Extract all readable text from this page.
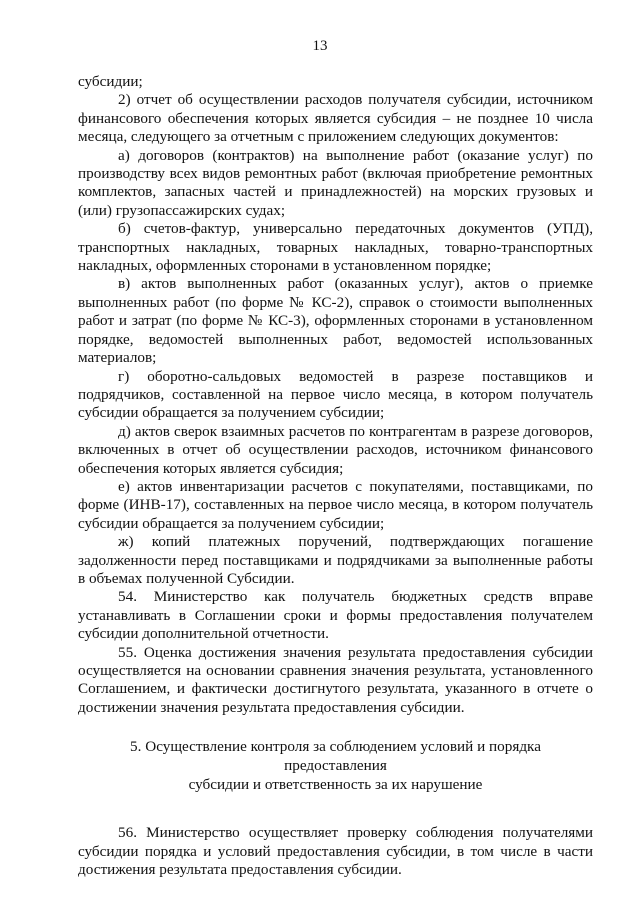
13

субсидии;

2) отчет об осуществлении расходов получателя субсидии, источником финансового обеспечения которых является субсидия – не позднее 10 числа месяца, следующего за отчетным с приложением следующих документов:

а) договоров (контрактов) на выполнение работ (оказание услуг) по производству всех видов ремонтных работ (включая приобретение ремонтных комплектов, запасных частей и принадлежностей) на морских грузовых и (или) грузопассажирских судах;

б) счетов-фактур, универсально передаточных документов (УПД), транспортных накладных, товарных накладных, товарно-транспортных накладных, оформленных сторонами в установленном порядке;

в) актов выполненных работ (оказанных услуг), актов о приемке выполненных работ (по форме № КС-2), справок о стоимости выполненных работ и затрат (по форме № КС-3), оформленных сторонами в установленном порядке, ведомостей выполненных работ, ведомостей использованных материалов;

г) оборотно-сальдовых ведомостей в разрезе поставщиков и подрядчиков, составленной на первое число месяца, в котором получатель субсидии обращается за получением субсидии;

д) актов сверок взаимных расчетов по контрагентам в разрезе договоров, включенных в отчет об осуществлении расходов, источником финансового обеспечения которых является субсидия;

е) актов инвентаризации расчетов с покупателями, поставщиками, по форме (ИНВ-17), составленных на первое число месяца, в котором получатель субсидии обращается за получением субсидии;

ж) копий платежных поручений, подтверждающих погашение задолженности перед поставщиками и подрядчиками за выполненные работы в объемах полученной Субсидии.

54. Министерство как получатель бюджетных средств вправе устанавливать в Соглашении сроки и формы предоставления получателем субсидии дополнительной отчетности.

55. Оценка достижения значения результата предоставления субсидии осуществляется на основании сравнения значения результата, установленного Соглашением, и фактически достигнутого результата, указанного в отчете о достижении значения результата предоставления субсидии.

5. Осуществление контроля за соблюдением условий и порядка предоставления
субсидии и ответственность за их нарушение

56. Министерство осуществляет проверку соблюдения получателями субсидии порядка и условий предоставления субсидии, в том числе в части достижения результата предоставления субсидии.
